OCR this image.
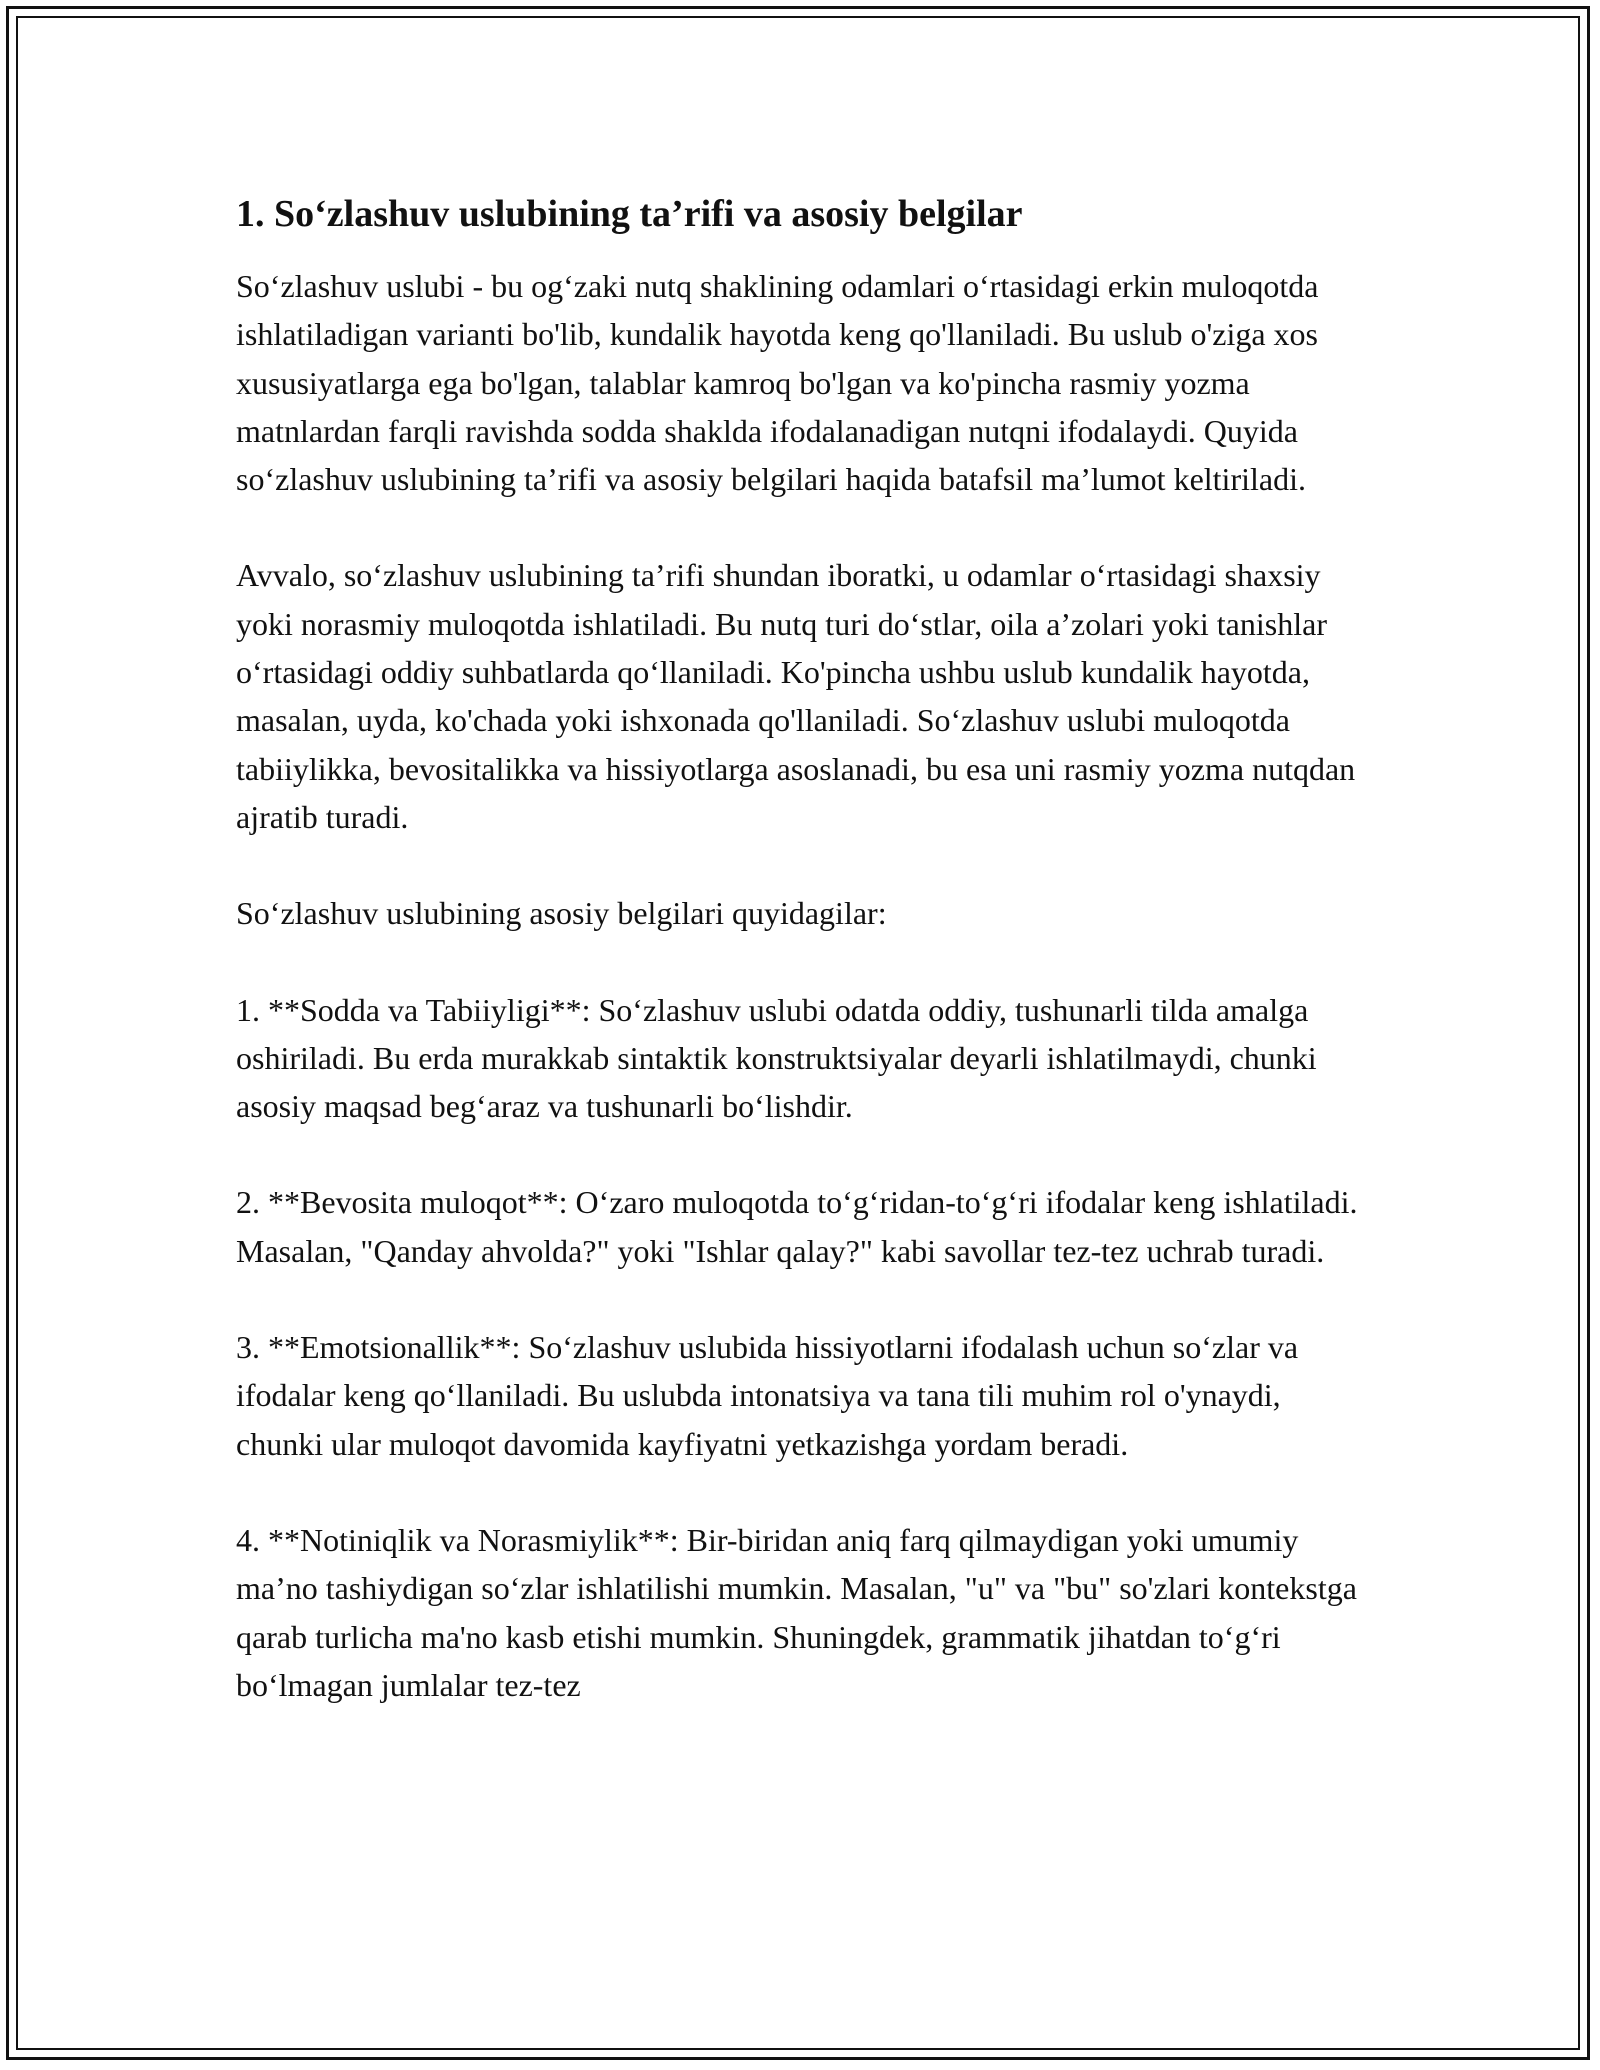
1. So‘zlashuv uslubining ta’rifi va asosiy belgilar

So‘zlashuv uslubi - bu og‘zaki nutq shaklining odamlari o‘rtasidagi erkin muloqotda ishlatiladigan varianti bo'lib, kundalik hayotda keng qo'llaniladi. Bu uslub o'ziga xos xususiyatlarga ega bo'lgan, talablar kamroq bo'lgan va ko'pincha rasmiy yozma matnlardan farqli ravishda sodda shaklda ifodalanadigan nutqni ifodalaydi. Quyida so‘zlashuv uslubining ta’rifi va asosiy belgilari haqida batafsil ma’lumot keltiriladi.

Avvalo, so‘zlashuv uslubining ta’rifi shundan iboratki, u odamlar o‘rtasidagi shaxsiy yoki norasmiy muloqotda ishlatiladi. Bu nutq turi do‘stlar, oila a’zolari yoki tanishlar o‘rtasidagi oddiy suhbatlarda qo‘llaniladi. Ko'pincha ushbu uslub kundalik hayotda, masalan, uyda, ko'chada yoki ishxonada qo'llaniladi. So‘zlashuv uslubi muloqotda tabiiylikka, bevositalikka va hissiyotlarga asoslanadi, bu esa uni rasmiy yozma nutqdan ajratib turadi.

So‘zlashuv uslubining asosiy belgilari quyidagilar:

1. **Sodda va Tabiiyligi**: So‘zlashuv uslubi odatda oddiy, tushunarli tilda amalga oshiriladi. Bu erda murakkab sintaktik konstruktsiyalar deyarli ishlatilmaydi, chunki asosiy maqsad beg‘araz va tushunarli bo‘lishdir.

2. **Bevosita muloqot**: O‘zaro muloqotda to‘g‘ridan-to‘g‘ri ifodalar keng ishlatiladi. Masalan, "Qanday ahvolda?" yoki "Ishlar qalay?" kabi savollar tez-tez uchrab turadi.

3. **Emotsionallik**: So‘zlashuv uslubida hissiyotlarni ifodalash uchun so‘zlar va ifodalar keng qo‘llaniladi. Bu uslubda intonatsiya va tana tili muhim rol o'ynaydi, chunki ular muloqot davomida kayfiyatni yetkazishga yordam beradi.

4. **Notiniqlik va Norasmiylik**: Bir-biridan aniq farq qilmaydigan yoki umumiy ma’no tashiydigan so‘zlar ishlatilishi mumkin. Masalan, "u" va "bu" so'zlari kontekstga qarab turlicha ma'no kasb etishi mumkin. Shuningdek, grammatik jihatdan to‘g‘ri bo‘lmagan jumlalar tez-tez
